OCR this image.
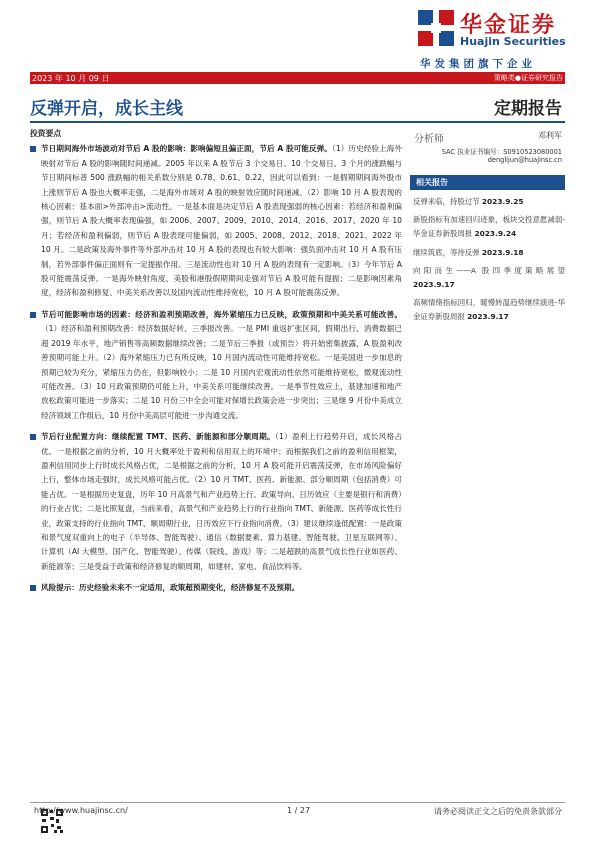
华金证券
Huajin Securities
华发集团旗下企业
2023 年 10 月 09 日	策略类●证券研究报告
反弹开启，成长主线	定期报告
投资要点
节日期间海外市场波动对节后 A 股的影响：影响偏短且偏正面，节后 A 股可能反弹。（1）历史经验上海外映射对节后 A 股的影响随时间递减。2005 年以来 A 股节后 3 个交易日、10 个交易日、3 个月的涨跌幅与节日期间标普 500 涨跌幅的相关系数分别是 0.78、0.61、0.22，因此可以看到：一是假期期间海外股市上涨则节后 A 股也大概率走强，二是海外市场对 A 股的映射效应随时间递减。（2）影响 10 月 A 股表现的核心因素：基本面>外部冲击>流动性。一是基本面是决定节后 A 股表现强弱的核心因素：若经济和盈利偏强，则节后 A 股大概率表现偏强，如 2006、2007、2009、2010、2014、2016、2017、2020 年 10 月；若经济和盈利偏弱，则节后 A 股表现可能偏弱，如 2005、2008、2012、2018、2021、2022 年 10 月。二是政策及海外事件等外部冲击对 10 月 A 股的表现也有较大影响：强负面冲击对 10 月 A 股有压制，若外部事件偏正面则有一定提振作用。三是流动性也对 10 月 A 股的表现有一定影响。（3）今年节后 A 股可能震荡反弹。一是海外映射角度，美股和港股假期期间走强对节后 A 股可能有提振；二是影响因素角度，经济和盈利修复、中美关系改善以及国内流动性维持宽松，10 月 A 股可能震荡反弹。
节后可能影响市场的因素：经济和盈利预期改善，海外紧缩压力已反映，政策预期和中美关系可能改善。（1）经济和盈利预期改善：经济数据好转、三季报改善。一是 PMI 重返扩张区间，假期出行、消费数据已超 2019 年水平，地产销售等高频数据继续改善；二是节后三季报（或预告）将开始密集披露，A 股盈利改善预期可能上升。（2）海外紧缩压力已有所反映，10 月国内流动性可能维持宽松。一是美国进一步加息的预期已较为充分，紧缩压力仍在，但影响较小；二是 10 月国内宏观流动性依然可能维持宽松，微观流动性可能改善。（3）10 月政策预期仍可能上升，中美关系可能继续改善。一是季节性效应上，基建加速和地产放松政策可能进一步落实；二是 10 月份三中全会可能对保增长政策会进一步突出；三是继 9 月份中美成立经济领域工作组后，10 月份中美高层可能进一步沟通交流。
节后行业配置方向：继续配置 TMT、医药、新能源和部分顺周期。（1）盈利上行趋势开启，成长风格占优。一是根据之前的分析，10 月大概率处于盈利和信用双上的环境中；而根据我们之前的盈利信用框架，盈利信用同步上行时成长风格占优，二是根据之前的分析，10 月 A 股可能开启震荡反弹，在市场风险偏好上行，整体市场走强时，成长风格可能占优。（2）10 月 TMT、医药、新能源、部分顺周期（包括消费）可能占优。一是根据历史复盘，历年 10 月高景气和产业趋势上行、政策导向、日历效应（主要是银行和消费）的行业占优；二是比照复盘，当前来看，高景气和产业趋势上行的行业指向 TMT、新能源、医药等成长性行业，政策支持的行业指向 TMT、顺周期行业，日历效应下行业指向消费。（3）建议继续逢低配置：一是政策和景气度双重向上的电子（半导体、智能驾驶）、通信（数据要素、算力基建、智能驾驶、卫星互联网等）、计算机（AI 大模型、国产化、智能驾驶）、传媒（院线、游戏）等；二是超跌的高景气成长性行业如医药、新能源等；三是受益于政策和经济修复的顺周期，如建材、家电、食品饮料等。
风险提示：历史经验未来不一定适用，政策超预期变化，经济修复不及预期。
分析师	邓利军
SAC 执业证书编号：S0910523080001
denglijun@huajinsc.cn
相关报告
反弹来临，持股过节 2023.9.25
新股指标有加速回归迹象，板块交投意愿减弱-华金证券新股周报 2023.9.24
继续筑底，等待反弹 2023.9.18
向阳而生——A 股四季度策略展望 2023.9.17
高频情绪指标回归，暖慢转温趋势继续演进-华金证券新股周报 2023.9.17
http://www.huajinsc.cn/	1 / 27	请务必阅读正文之后的免责条款部分
